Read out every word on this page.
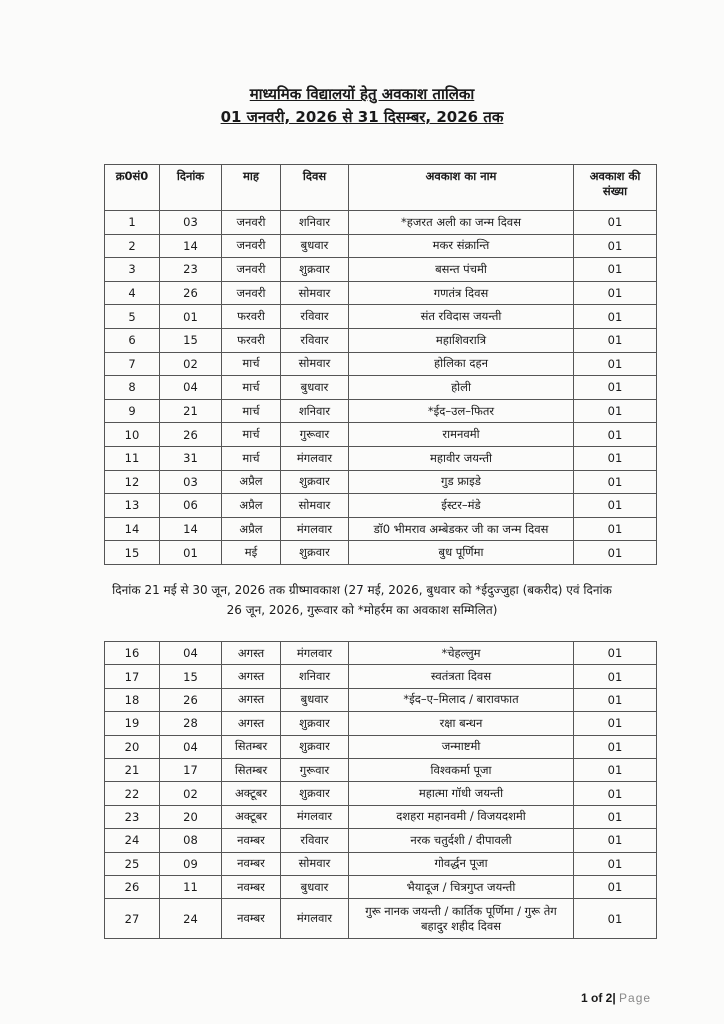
माध्यमिक विद्यालयों हेतु अवकाश तालिका
01 जनवरी, 2026 से 31 दिसम्बर, 2026 तक
क्र0सं0	दिनांक	माह	दिवस	अवकाश का नाम	अवकाश की संख्या
1	03	जनवरी	शनिवार	*हजरत अली का जन्म दिवस	01
2	14	जनवरी	बुधवार	मकर संक्रान्ति	01
3	23	जनवरी	शुक्रवार	बसन्त पंचमी	01
4	26	जनवरी	सोमवार	गणतंत्र दिवस	01
5	01	फरवरी	रविवार	संत रविदास जयन्ती	01
6	15	फरवरी	रविवार	महाशिवरात्रि	01
7	02	मार्च	सोमवार	होलिका दहन	01
8	04	मार्च	बुधवार	होली	01
9	21	मार्च	शनिवार	*ईद–उल–फितर	01
10	26	मार्च	गुरूवार	रामनवमी	01
11	31	मार्च	मंगलवार	महावीर जयन्ती	01
12	03	अप्रैल	शुक्रवार	गुड फ्राइडे	01
13	06	अप्रैल	सोमवार	ईस्टर–मंडे	01
14	14	अप्रैल	मंगलवार	डॉ0 भीमराव अम्बेडकर जी का जन्म दिवस	01
15	01	मई	शुक्रवार	बुध पूर्णिमा	01
दिनांक 21 मई से 30 जून, 2026 तक ग्रीष्मावकाश (27 मई, 2026, बुधवार को *ईदुज्जुहा (बकरीद) एवं दिनांक 26 जून, 2026, गुरूवार को *मोहर्रम का अवकाश सम्मिलित)
16	04	अगस्त	मंगलवार	*चेहल्लुम	01
17	15	अगस्त	शनिवार	स्वतंत्रता दिवस	01
18	26	अगस्त	बुधवार	*ईद–ए–मिलाद / बारावफात	01
19	28	अगस्त	शुक्रवार	रक्षा बन्धन	01
20	04	सितम्बर	शुक्रवार	जन्माष्टमी	01
21	17	सितम्बर	गुरूवार	विश्वकर्मा पूजा	01
22	02	अक्टूबर	शुक्रवार	महात्मा गॉधी जयन्ती	01
23	20	अक्टूबर	मंगलवार	दशहरा महानवमी / विजयदशमी	01
24	08	नवम्बर	रविवार	नरक चतुर्दशी / दीपावली	01
25	09	नवम्बर	सोमवार	गोवर्द्धन पूजा	01
26	11	नवम्बर	बुधवार	भैयादूज / चित्रगुप्त जयन्ती	01
27	24	नवम्बर	मंगलवार	गुरू नानक जयन्ती / कार्तिक पूर्णिमा / गुरू तेग बहादुर शहीद दिवस	01
1 of 2| Page
